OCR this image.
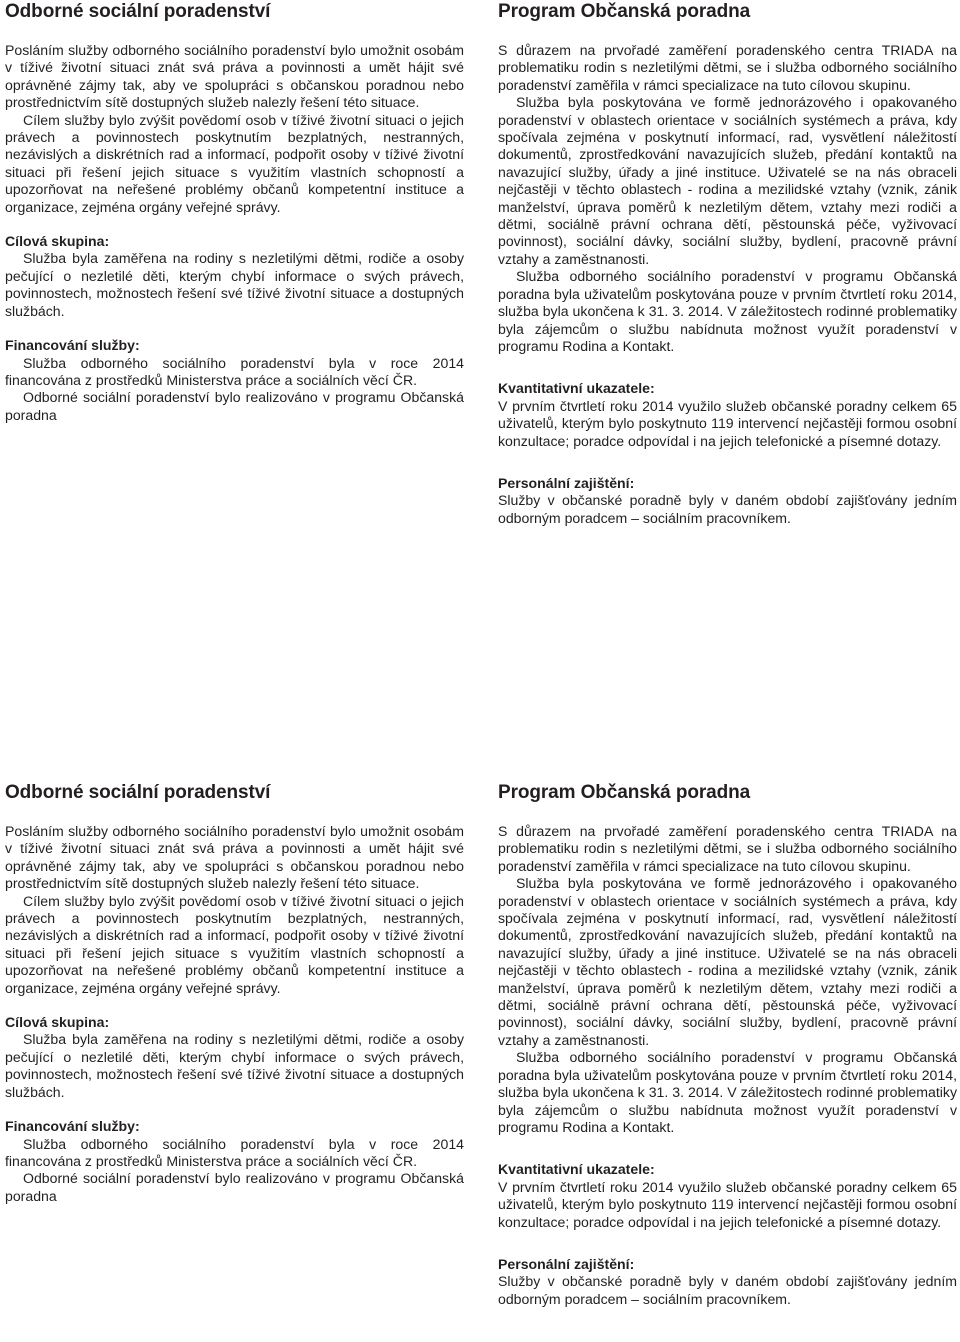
Odborné sociální poradenství

Posláním služby odborného sociálního poradenství bylo umožnit osobám v tíživé životní situaci znát svá práva a povinnosti a umět hájit své oprávněné zájmy tak, aby ve spolupráci s občanskou poradnou nebo prostřednictvím sítě dostupných služeb nalezly řešení této situace.

Cílem služby bylo zvýšit povědomí osob v tíživé životní situaci o jejich právech a povinnostech poskytnutím bezplatných, nestranných, nezávislých a diskrétních rad a informací, podpořit osoby v tíživé životní situaci při řešení jejich situace s využitím vlastních schopností a upozorňovat na neřešené problémy občanů kompetentní instituce a organizace, zejména orgány veřejné správy.

Cílová skupina:

Služba byla zaměřena na rodiny s nezletilými dětmi, rodiče a osoby pečující o nezletilé děti, kterým chybí informace o svých právech, povinnostech, možnostech řešení své tíživé životní situace a dostupných službách.

Financování služby:

Služba odborného sociálního poradenství byla v roce 2014 financována z prostředků Ministerstva práce a sociálních věcí ČR.

Odborné sociální poradenství bylo realizováno v programu Občanská poradna

Program Občanská poradna

S důrazem na prvořadé zaměření poradenského centra TRIADA na problematiku rodin s nezletilými dětmi, se i služba odborného sociálního poradenství zaměřila v rámci specializace na tuto cílovou skupinu.

Služba byla poskytována ve formě jednorázového i opakovaného poradenství v oblastech orientace v sociálních systémech a práva, kdy spočívala zejména v poskytnutí informací, rad, vysvětlení náležitostí dokumentů, zprostředkování navazujících služeb, předání kontaktů na navazující služby, úřady a jiné instituce. Uživatelé se na nás obraceli nejčastěji v těchto oblastech - rodina a mezilidské vztahy (vznik, zánik manželství, úprava poměrů k nezletilým dětem, vztahy mezi rodiči a dětmi, sociálně právní ochrana dětí, pěstounská péče, vyživovací povinnost), sociální dávky, sociální služby, bydlení, pracovně právní vztahy a zaměstnanosti.

Služba odborného sociálního poradenství v programu Občanská poradna byla uživatelům poskytována pouze v prvním čtvrtletí roku 2014, služba byla ukončena k 31. 3. 2014. V záležitostech rodinné problematiky byla zájemcům o službu nabídnuta možnost využít poradenství v programu Rodina a Kontakt.

Kvantitativní ukazatele:

V prvním čtvrtletí roku 2014 využilo služeb občanské poradny celkem 65 uživatelů, kterým bylo poskytnuto 119 intervencí nejčastěji formou osobní konzultace; poradce odpovídal i na jejich telefonické a písemné dotazy.

Personální zajištění:

Služby v občanské poradně byly v daném období zajišťovány jedním odborným poradcem – sociálním pracovníkem.

Odborné sociální poradenství

Posláním služby odborného sociálního poradenství bylo umožnit osobám v tíživé životní situaci znát svá práva a povinnosti a umět hájit své oprávněné zájmy tak, aby ve spolupráci s občanskou poradnou nebo prostřednictvím sítě dostupných služeb nalezly řešení této situace.

Cílem služby bylo zvýšit povědomí osob v tíživé životní situaci o jejich právech a povinnostech poskytnutím bezplatných, nestranných, nezávislých a diskrétních rad a informací, podpořit osoby v tíživé životní situaci při řešení jejich situace s využitím vlastních schopností a upozorňovat na neřešené problémy občanů kompetentní instituce a organizace, zejména orgány veřejné správy.

Cílová skupina:

Služba byla zaměřena na rodiny s nezletilými dětmi, rodiče a osoby pečující o nezletilé děti, kterým chybí informace o svých právech, povinnostech, možnostech řešení své tíživé životní situace a dostupných službách.

Financování služby:

Služba odborného sociálního poradenství byla v roce 2014 financována z prostředků Ministerstva práce a sociálních věcí ČR.

Odborné sociální poradenství bylo realizováno v programu Občanská poradna

Program Občanská poradna

S důrazem na prvořadé zaměření poradenského centra TRIADA na problematiku rodin s nezletilými dětmi, se i služba odborného sociálního poradenství zaměřila v rámci specializace na tuto cílovou skupinu.

Služba byla poskytována ve formě jednorázového i opakovaného poradenství v oblastech orientace v sociálních systémech a práva, kdy spočívala zejména v poskytnutí informací, rad, vysvětlení náležitostí dokumentů, zprostředkování navazujících služeb, předání kontaktů na navazující služby, úřady a jiné instituce. Uživatelé se na nás obraceli nejčastěji v těchto oblastech - rodina a mezilidské vztahy (vznik, zánik manželství, úprava poměrů k nezletilým dětem, vztahy mezi rodiči a dětmi, sociálně právní ochrana dětí, pěstounská péče, vyživovací povinnost), sociální dávky, sociální služby, bydlení, pracovně právní vztahy a zaměstnanosti.

Služba odborného sociálního poradenství v programu Občanská poradna byla uživatelům poskytována pouze v prvním čtvrtletí roku 2014, služba byla ukončena k 31. 3. 2014. V záležitostech rodinné problematiky byla zájemcům o službu nabídnuta možnost využít poradenství v programu Rodina a Kontakt.

Kvantitativní ukazatele:

V prvním čtvrtletí roku 2014 využilo služeb občanské poradny celkem 65 uživatelů, kterým bylo poskytnuto 119 intervencí nejčastěji formou osobní konzultace; poradce odpovídal i na jejich telefonické a písemné dotazy.

Personální zajištění:

Služby v občanské poradně byly v daném období zajišťovány jedním odborným poradcem – sociálním pracovníkem.
